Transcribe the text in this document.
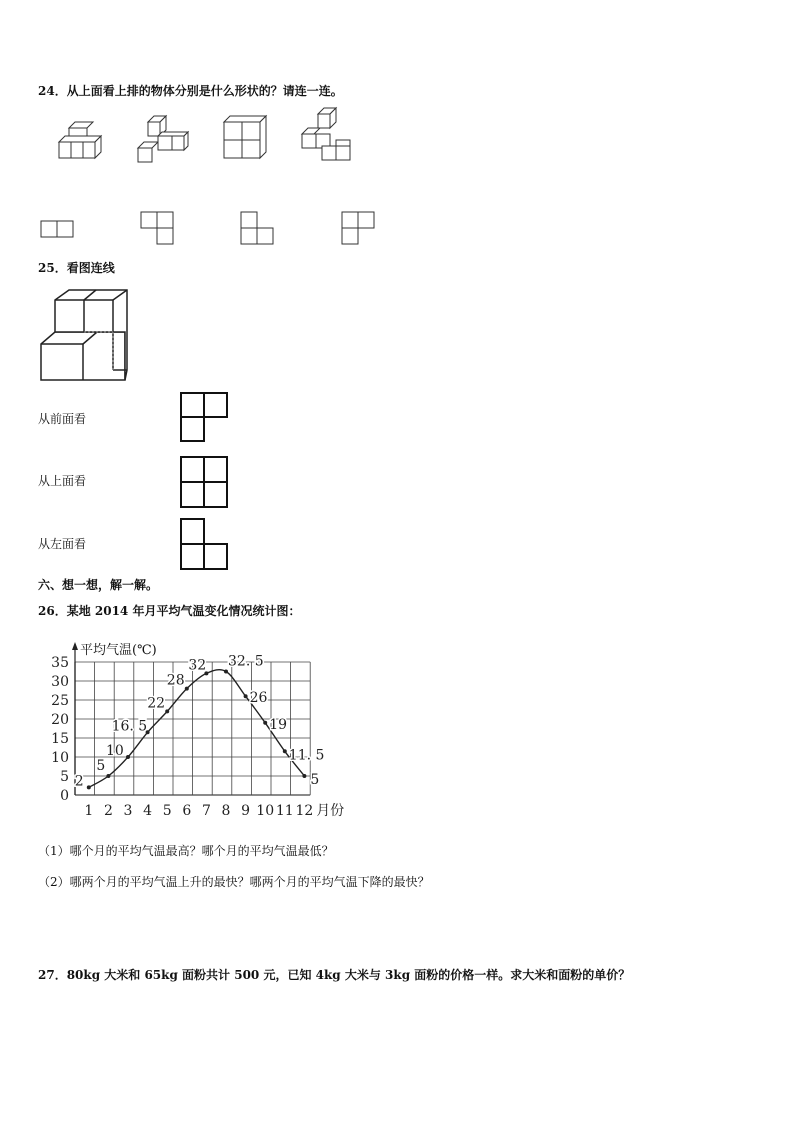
24．从上面看上排的物体分别是什么形状的？请连一连。
25．看图连线
从前面看
从上面看
从左面看
六、想一想，解一解。
26．某地 2014 年月平均气温变化情况统计图：
0
5
10
15
20
25
30
35
1 2 3 4 5 6 7 8 9 10 11 12 月份
2
5
10
16. 5
22
28
32 32. 5
26
19
11. 5
5
平均气温(℃)
（1）哪个月的平均气温最高？哪个月的平均气温最低？
（2）哪两个月的平均气温上升的最快？哪两个月的平均气温下降的最快？
27．80kg 大米和 65kg 面粉共计 500 元，已知 4kg 大米与 3kg 面粉的价格一样。求大米和面粉的单价？
